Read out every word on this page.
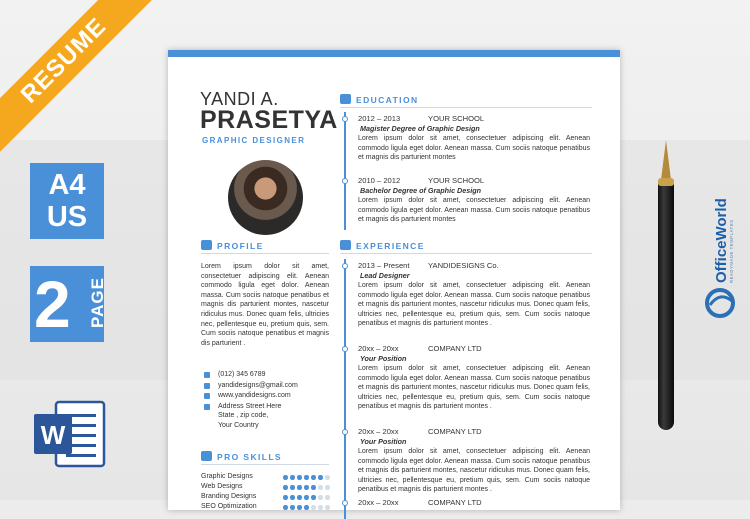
RESUME
A4
US
2 PAGE
W
YANDI A.
PRASETYA
GRAPHIC DESIGNER
PROFILE
Lorem ipsum dolor sit amet, consectetuer adipiscing elit. Aenean commodo ligula eget dolor. Aenean massa. Cum sociis natoque penatibus et magnis dis parturient montes, nascetur ridiculus mus. Donec quam felis, ultricies nec, pellentesque eu, pretium quis, sem. Cum sociis natoque penatibus et magnis dis parturient .
(012) 345 6789
yandidesigns@gmail.com
www.yandidesigns.com
Address Street Here
State , zip code,
Your Country
PRO SKILLS
Graphic Designs
Web Designs
Branding Designs
SEO Optimization
EDUCATION
2012 – 2013	YOUR SCHOOL
Magister Degree of Graphic Design
Lorem ipsum dolor sit amet, consectetuer adipiscing elit. Aenean commodo ligula eget dolor. Aenean massa. Cum sociis natoque penatibus et magnis dis parturient montes
2010 – 2012	YOUR SCHOOL
Bachelor Degree of Graphic Design
Lorem ipsum dolor sit amet, consectetuer adipiscing elit. Aenean commodo ligula eget dolor. Aenean massa. Cum sociis natoque penatibus et magnis dis parturient montes
EXPERIENCE
2013 – Present YANDIDESIGNS Co.
Lead Designer
Lorem ipsum dolor sit amet, consectetuer adipiscing elit. Aenean commodo ligula eget dolor. Aenean massa. Cum sociis natoque penatibus et magnis dis parturient montes, nascetur ridiculus mus. Donec quam felis, ultricies nec, pellentesque eu, pretium quis, sem. Cum sociis natoque penatibus et magnis dis parturient montes .
20xx – 20xx	COMPANY LTD
Your Position
Lorem ipsum dolor sit amet, consectetuer adipiscing elit. Aenean commodo ligula eget dolor. Aenean massa. Cum sociis natoque penatibus et magnis dis parturient montes, nascetur ridiculus mus. Donec quam felis, ultricies nec, pellentesque eu, pretium quis, sem. Cum sociis natoque penatibus et magnis dis parturient montes .
20xx – 20xx	COMPANY LTD
Your Position
Lorem ipsum dolor sit amet, consectetuer adipiscing elit. Aenean commodo ligula eget dolor. Aenean massa. Cum sociis natoque penatibus et magnis dis parturient montes, nascetur ridiculus mus. Donec quam felis, ultricies nec, pellentesque eu, pretium quis, sem. Cum sociis natoque penatibus et magnis dis parturient montes .
20xx – 20xx	COMPANY LTD
OfficeWorld READYMADE TEMPLATES
